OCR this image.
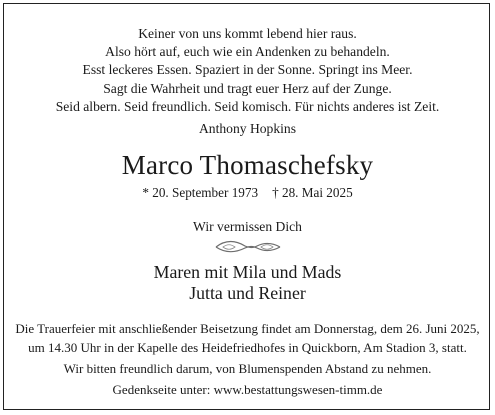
Keiner von uns kommt lebend hier raus.
Also hört auf, euch wie ein Andenken zu behandeln.
Esst leckeres Essen. Spaziert in der Sonne. Springt ins Meer.
Sagt die Wahrheit und tragt euer Herz auf der Zunge.
Seid albern. Seid freundlich. Seid komisch. Für nichts anderes ist Zeit.
Anthony Hopkins
Marco Thomaschefsky
* 20. September 1973 † 28. Mai 2025
Wir vermissen Dich
Maren mit Mila und Mads
Jutta und Reiner
Die Trauerfeier mit anschließender Beisetzung findet am Donnerstag, dem 26. Juni 2025,
um 14.30 Uhr in der Kapelle des Heidefriedhofes in Quickborn, Am Stadion 3, statt.
Wir bitten freundlich darum, von Blumenspenden Abstand zu nehmen.
Gedenkseite unter: www.bestattungswesen-timm.de
